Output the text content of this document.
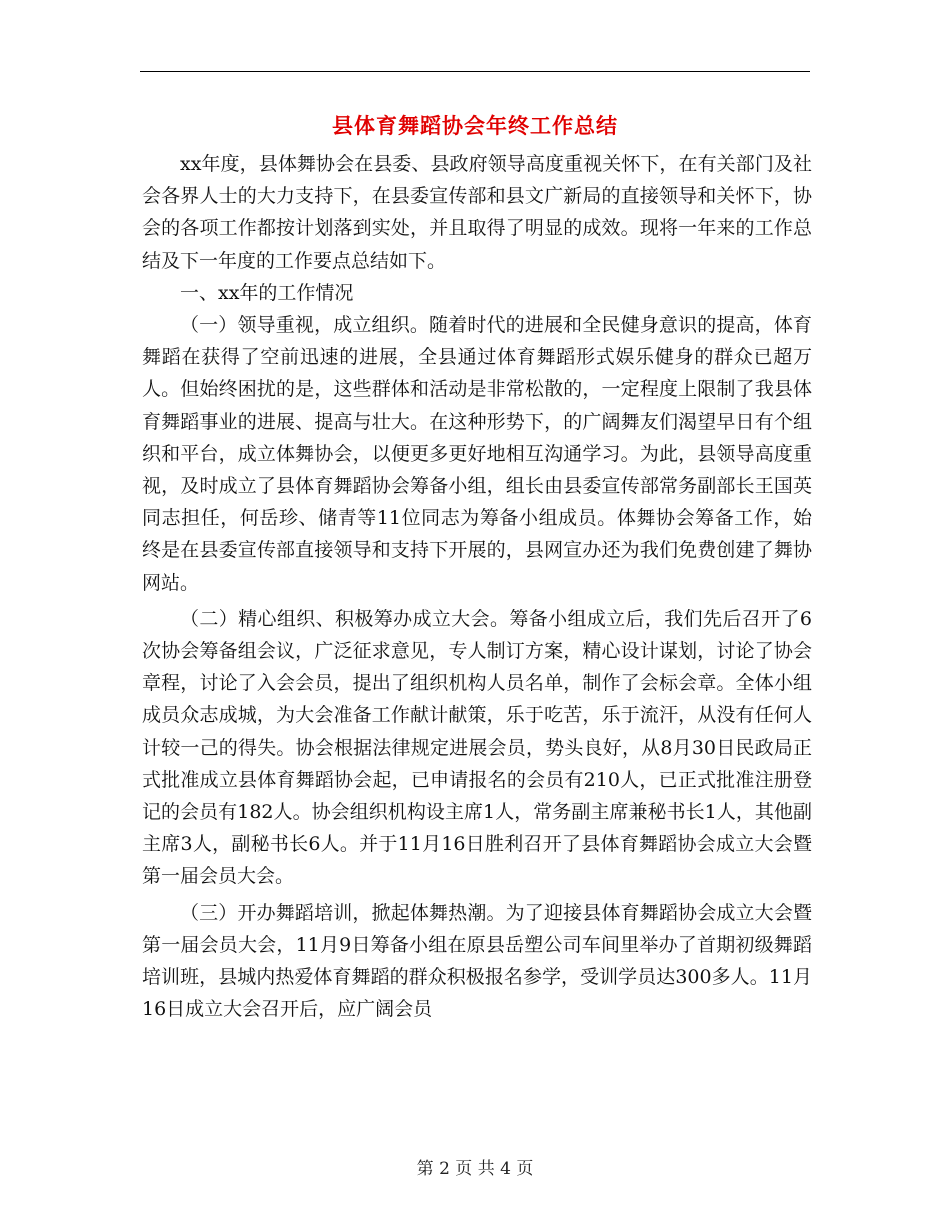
县体育舞蹈协会年终工作总结

xx年度，县体舞协会在县委、县政府领导高度重视关怀下，在有关部门及社会各界人士的大力支持下，在县委宣传部和县文广新局的直接领导和关怀下，协会的各项工作都按计划落到实处，并且取得了明显的成效。现将一年来的工作总结及下一年度的工作要点总结如下。

一、xx年的工作情况

（一）领导重视，成立组织。随着时代的进展和全民健身意识的提高，体育舞蹈在获得了空前迅速的进展，全县通过体育舞蹈形式娱乐健身的群众已超万人。但始终困扰的是，这些群体和活动是非常松散的，一定程度上限制了我县体育舞蹈事业的进展、提高与壮大。在这种形势下，的广阔舞友们渴望早日有个组织和平台，成立体舞协会，以便更多更好地相互沟通学习。为此，县领导高度重视，及时成立了县体育舞蹈协会筹备小组，组长由县委宣传部常务副部长王国英同志担任，何岳珍、储青等11位同志为筹备小组成员。体舞协会筹备工作，始终是在县委宣传部直接领导和支持下开展的，县网宣办还为我们免费创建了舞协网站。

（二）精心组织、积极筹办成立大会。筹备小组成立后，我们先后召开了6次协会筹备组会议，广泛征求意见，专人制订方案，精心设计谋划，讨论了协会章程，讨论了入会会员，提出了组织机构人员名单，制作了会标会章。全体小组成员众志成城，为大会准备工作献计献策，乐于吃苦，乐于流汗，从没有任何人计较一己的得失。协会根据法律规定进展会员，势头良好，从8月30日民政局正式批准成立县体育舞蹈协会起，已申请报名的会员有210人，已正式批准注册登记的会员有182人。协会组织机构设主席1人，常务副主席兼秘书长1人，其他副主席3人，副秘书长6人。并于11月16日胜利召开了县体育舞蹈协会成立大会暨第一届会员大会。

（三）开办舞蹈培训，掀起体舞热潮。为了迎接县体育舞蹈协会成立大会暨第一届会员大会，11月9日筹备小组在原县岳塑公司车间里举办了首期初级舞蹈培训班，县城内热爱体育舞蹈的群众积极报名参学，受训学员达300多人。11月16日成立大会召开后，应广阔会员

第 2 页 共 4 页
